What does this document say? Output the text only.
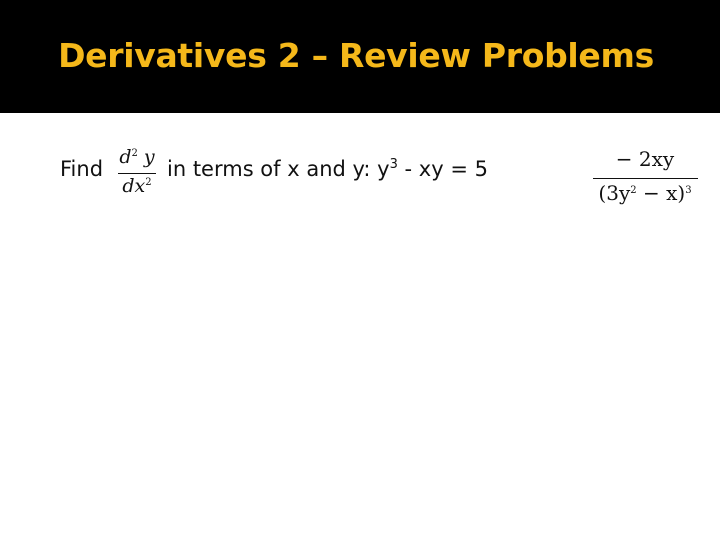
Derivatives 2 – Review Problems
Find $d^2$ y
$dx^2$
in terms of x and y: $y^3$ - xy = 5	− 2xy
$(3y^2 - x)^3$
